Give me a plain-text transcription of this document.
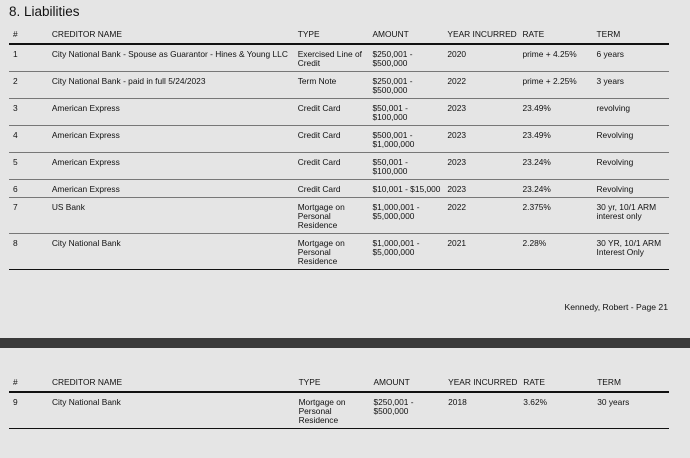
8. Liabilities
#	CREDITOR NAME	TYPE	AMOUNT	YEAR INCURRED	RATE	TERM
1	City National Bank - Spouse as Guarantor - Hines & Young LLC	Exercised Line of Credit	$250,001 - $500,000	2020	prime + 4.25%	6 years
2	City National Bank - paid in full 5/24/2023	Term Note	$250,001 - $500,000	2022	prime + 2.25%	3 years
3	American Express	Credit Card	$50,001 - $100,000	2023	23.49%	revolving
4	American Express	Credit Card	$500,001 - $1,000,000	2023	23.49%	Revolving
5	American Express	Credit Card	$50,001 - $100,000	2023	23.24%	Revolving
6	American Express	Credit Card	$10,001 - $15,000	2023	23.24%	Revolving
7	US Bank	Mortgage on Personal Residence	$1,000,001 - $5,000,000	2022	2.375%	30 yr, 10/1 ARM interest only
8	City National Bank	Mortgage on Personal Residence	$1,000,001 - $5,000,000	2021	2.28%	30 YR, 10/1 ARM Interest Only
Kennedy, Robert - Page 21
#	CREDITOR NAME	TYPE	AMOUNT	YEAR INCURRED	RATE	TERM
9	City National Bank	Mortgage on Personal Residence	$250,001 - $500,000	2018	3.62%	30 years
